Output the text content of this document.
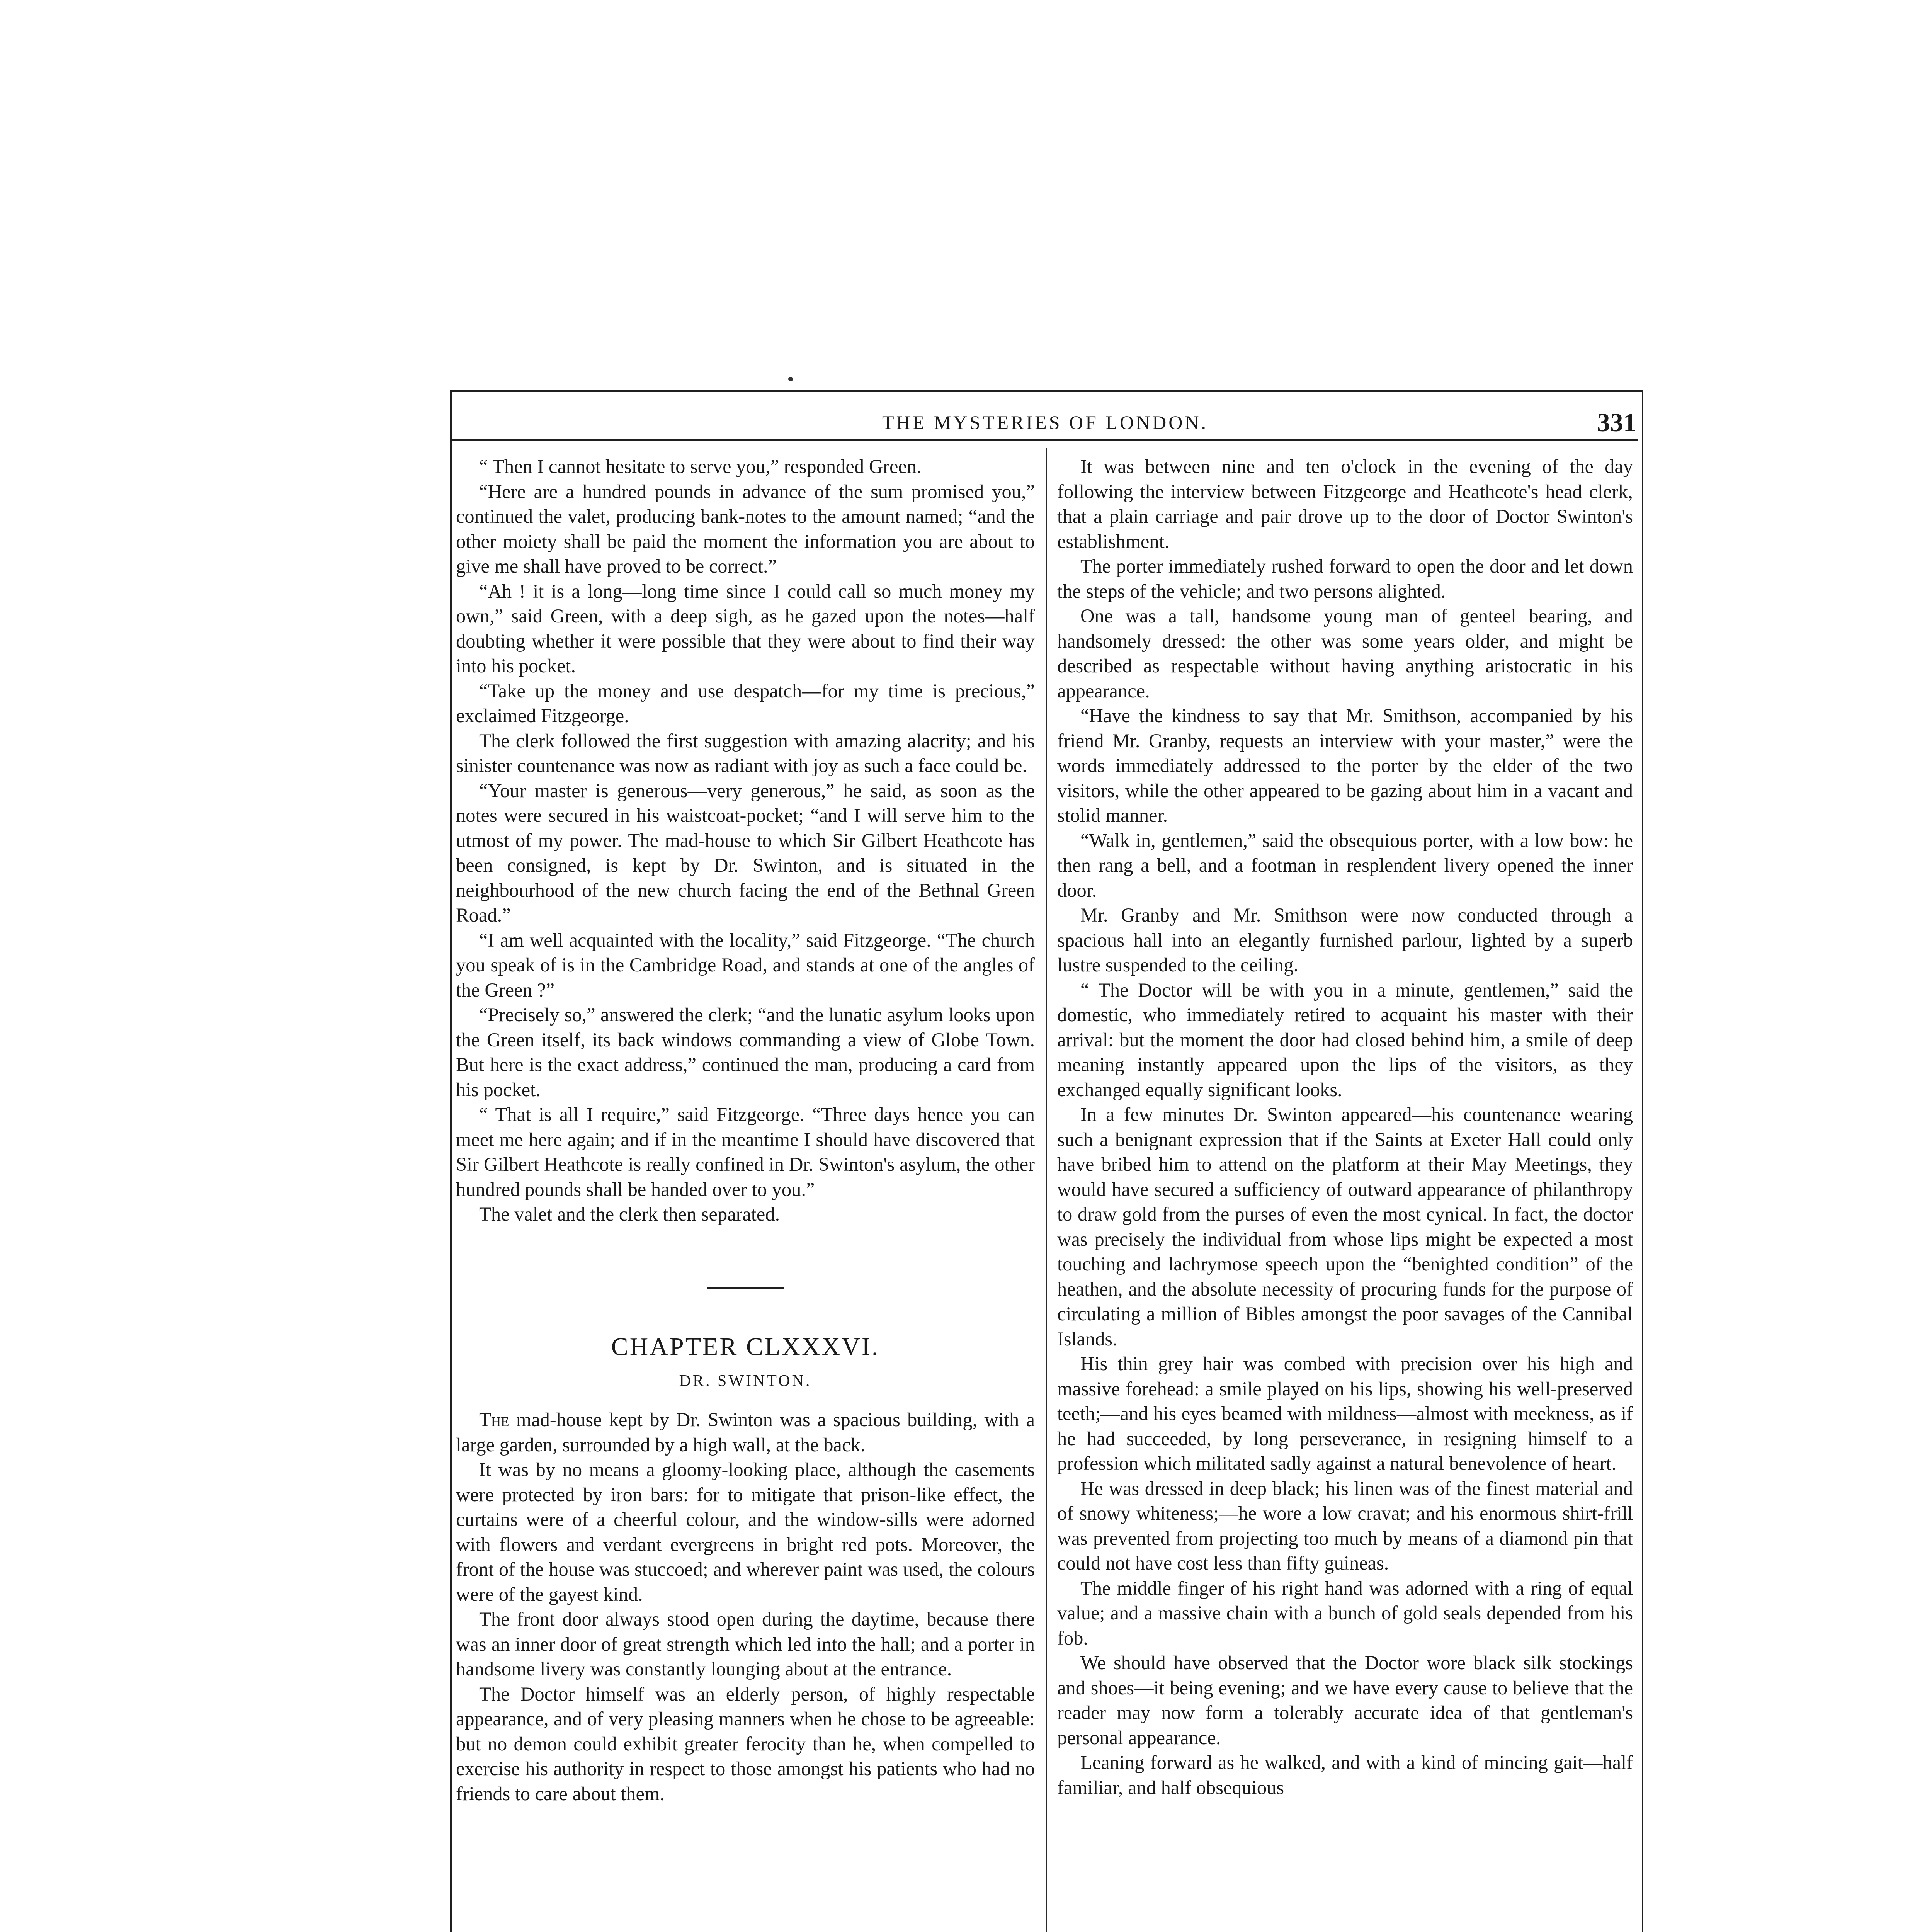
THE MYSTERIES OF LONDON.	331

“ Then I cannot hesitate to serve you,” responded Green.

“Here are a hundred pounds in advance of the sum promised you,” continued the valet, producing bank-notes to the amount named; “and the other moiety shall be paid the moment the information you are about to give me shall have proved to be correct.”

“Ah ! it is a long—long time since I could call so much money my own,” said Green, with a deep sigh, as he gazed upon the notes—half doubting whether it were possible that they were about to find their way into his pocket.

“Take up the money and use despatch—for my time is precious,” exclaimed Fitzgeorge.

The clerk followed the first suggestion with amazing alacrity; and his sinister countenance was now as radiant with joy as such a face could be.

“Your master is generous—very generous,” he said, as soon as the notes were secured in his waistcoat-pocket; “and I will serve him to the utmost of my power. The mad-house to which Sir Gilbert Heathcote has been consigned, is kept by Dr. Swinton, and is situated in the neighbourhood of the new church facing the end of the Bethnal Green Road.”

“I am well acquainted with the locality,” said Fitzgeorge. “The church you speak of is in the Cambridge Road, and stands at one of the angles of the Green ?”

“Precisely so,” answered the clerk; “and the lunatic asylum looks upon the Green itself, its back windows commanding a view of Globe Town. But here is the exact address,” continued the man, producing a card from his pocket.

“ That is all I require,” said Fitzgeorge. “Three days hence you can meet me here again; and if in the meantime I should have discovered that Sir Gilbert Heathcote is really confined in Dr. Swinton's asylum, the other hundred pounds shall be handed over to you.”

The valet and the clerk then separated.

CHAPTER CLXXXVI.
DR. SWINTON.

The mad-house kept by Dr. Swinton was a spacious building, with a large garden, surrounded by a high wall, at the back.

It was by no means a gloomy-looking place, although the casements were protected by iron bars: for to mitigate that prison-like effect, the curtains were of a cheerful colour, and the window-sills were adorned with flowers and verdant evergreens in bright red pots. Moreover, the front of the house was stuccoed; and wherever paint was used, the colours were of the gayest kind.

The front door always stood open during the daytime, because there was an inner door of great strength which led into the hall; and a porter in handsome livery was constantly lounging about at the entrance.

The Doctor himself was an elderly person, of highly respectable appearance, and of very pleasing manners when he chose to be agreeable: but no demon could exhibit greater ferocity than he, when compelled to exercise his authority in respect to those amongst his patients who had no friends to care about them.

It was between nine and ten o'clock in the evening of the day following the interview between Fitzgeorge and Heathcote's head clerk, that a plain carriage and pair drove up to the door of Doctor Swinton's establishment.

The porter immediately rushed forward to open the door and let down the steps of the vehicle; and two persons alighted.

One was a tall, handsome young man of genteel bearing, and handsomely dressed: the other was some years older, and might be described as respectable without having anything aristocratic in his appearance.

“Have the kindness to say that Mr. Smithson, accompanied by his friend Mr. Granby, requests an interview with your master,” were the words immediately addressed to the porter by the elder of the two visitors, while the other appeared to be gazing about him in a vacant and stolid manner.

“Walk in, gentlemen,” said the obsequious porter, with a low bow: he then rang a bell, and a footman in resplendent livery opened the inner door.

Mr. Granby and Mr. Smithson were now conducted through a spacious hall into an elegantly furnished parlour, lighted by a superb lustre suspended to the ceiling.

“ The Doctor will be with you in a minute, gentlemen,” said the domestic, who immediately retired to acquaint his master with their arrival: but the moment the door had closed behind him, a smile of deep meaning instantly appeared upon the lips of the visitors, as they exchanged equally significant looks.

In a few minutes Dr. Swinton appeared—his countenance wearing such a benignant expression that if the Saints at Exeter Hall could only have bribed him to attend on the platform at their May Meetings, they would have secured a sufficiency of outward appearance of philanthropy to draw gold from the purses of even the most cynical. In fact, the doctor was precisely the individual from whose lips might be expected a most touching and lachrymose speech upon the “benighted condition” of the heathen, and the absolute necessity of procuring funds for the purpose of circulating a million of Bibles amongst the poor savages of the Cannibal Islands.

His thin grey hair was combed with precision over his high and massive forehead: a smile played on his lips, showing his well-preserved teeth;—and his eyes beamed with mildness—almost with meekness, as if he had succeeded, by long perseverance, in resigning himself to a profession which militated sadly against a natural benevolence of heart.

He was dressed in deep black; his linen was of the finest material and of snowy whiteness;—he wore a low cravat; and his enormous shirt-frill was prevented from projecting too much by means of a diamond pin that could not have cost less than fifty guineas.

The middle finger of his right hand was adorned with a ring of equal value; and a massive chain with a bunch of gold seals depended from his fob.

We should have observed that the Doctor wore black silk stockings and shoes—it being evening; and we have every cause to believe that the reader may now form a tolerably accurate idea of that gentleman's personal appearance.

Leaning forward as he walked, and with a kind of mincing gait—half familiar, and half obsequious
